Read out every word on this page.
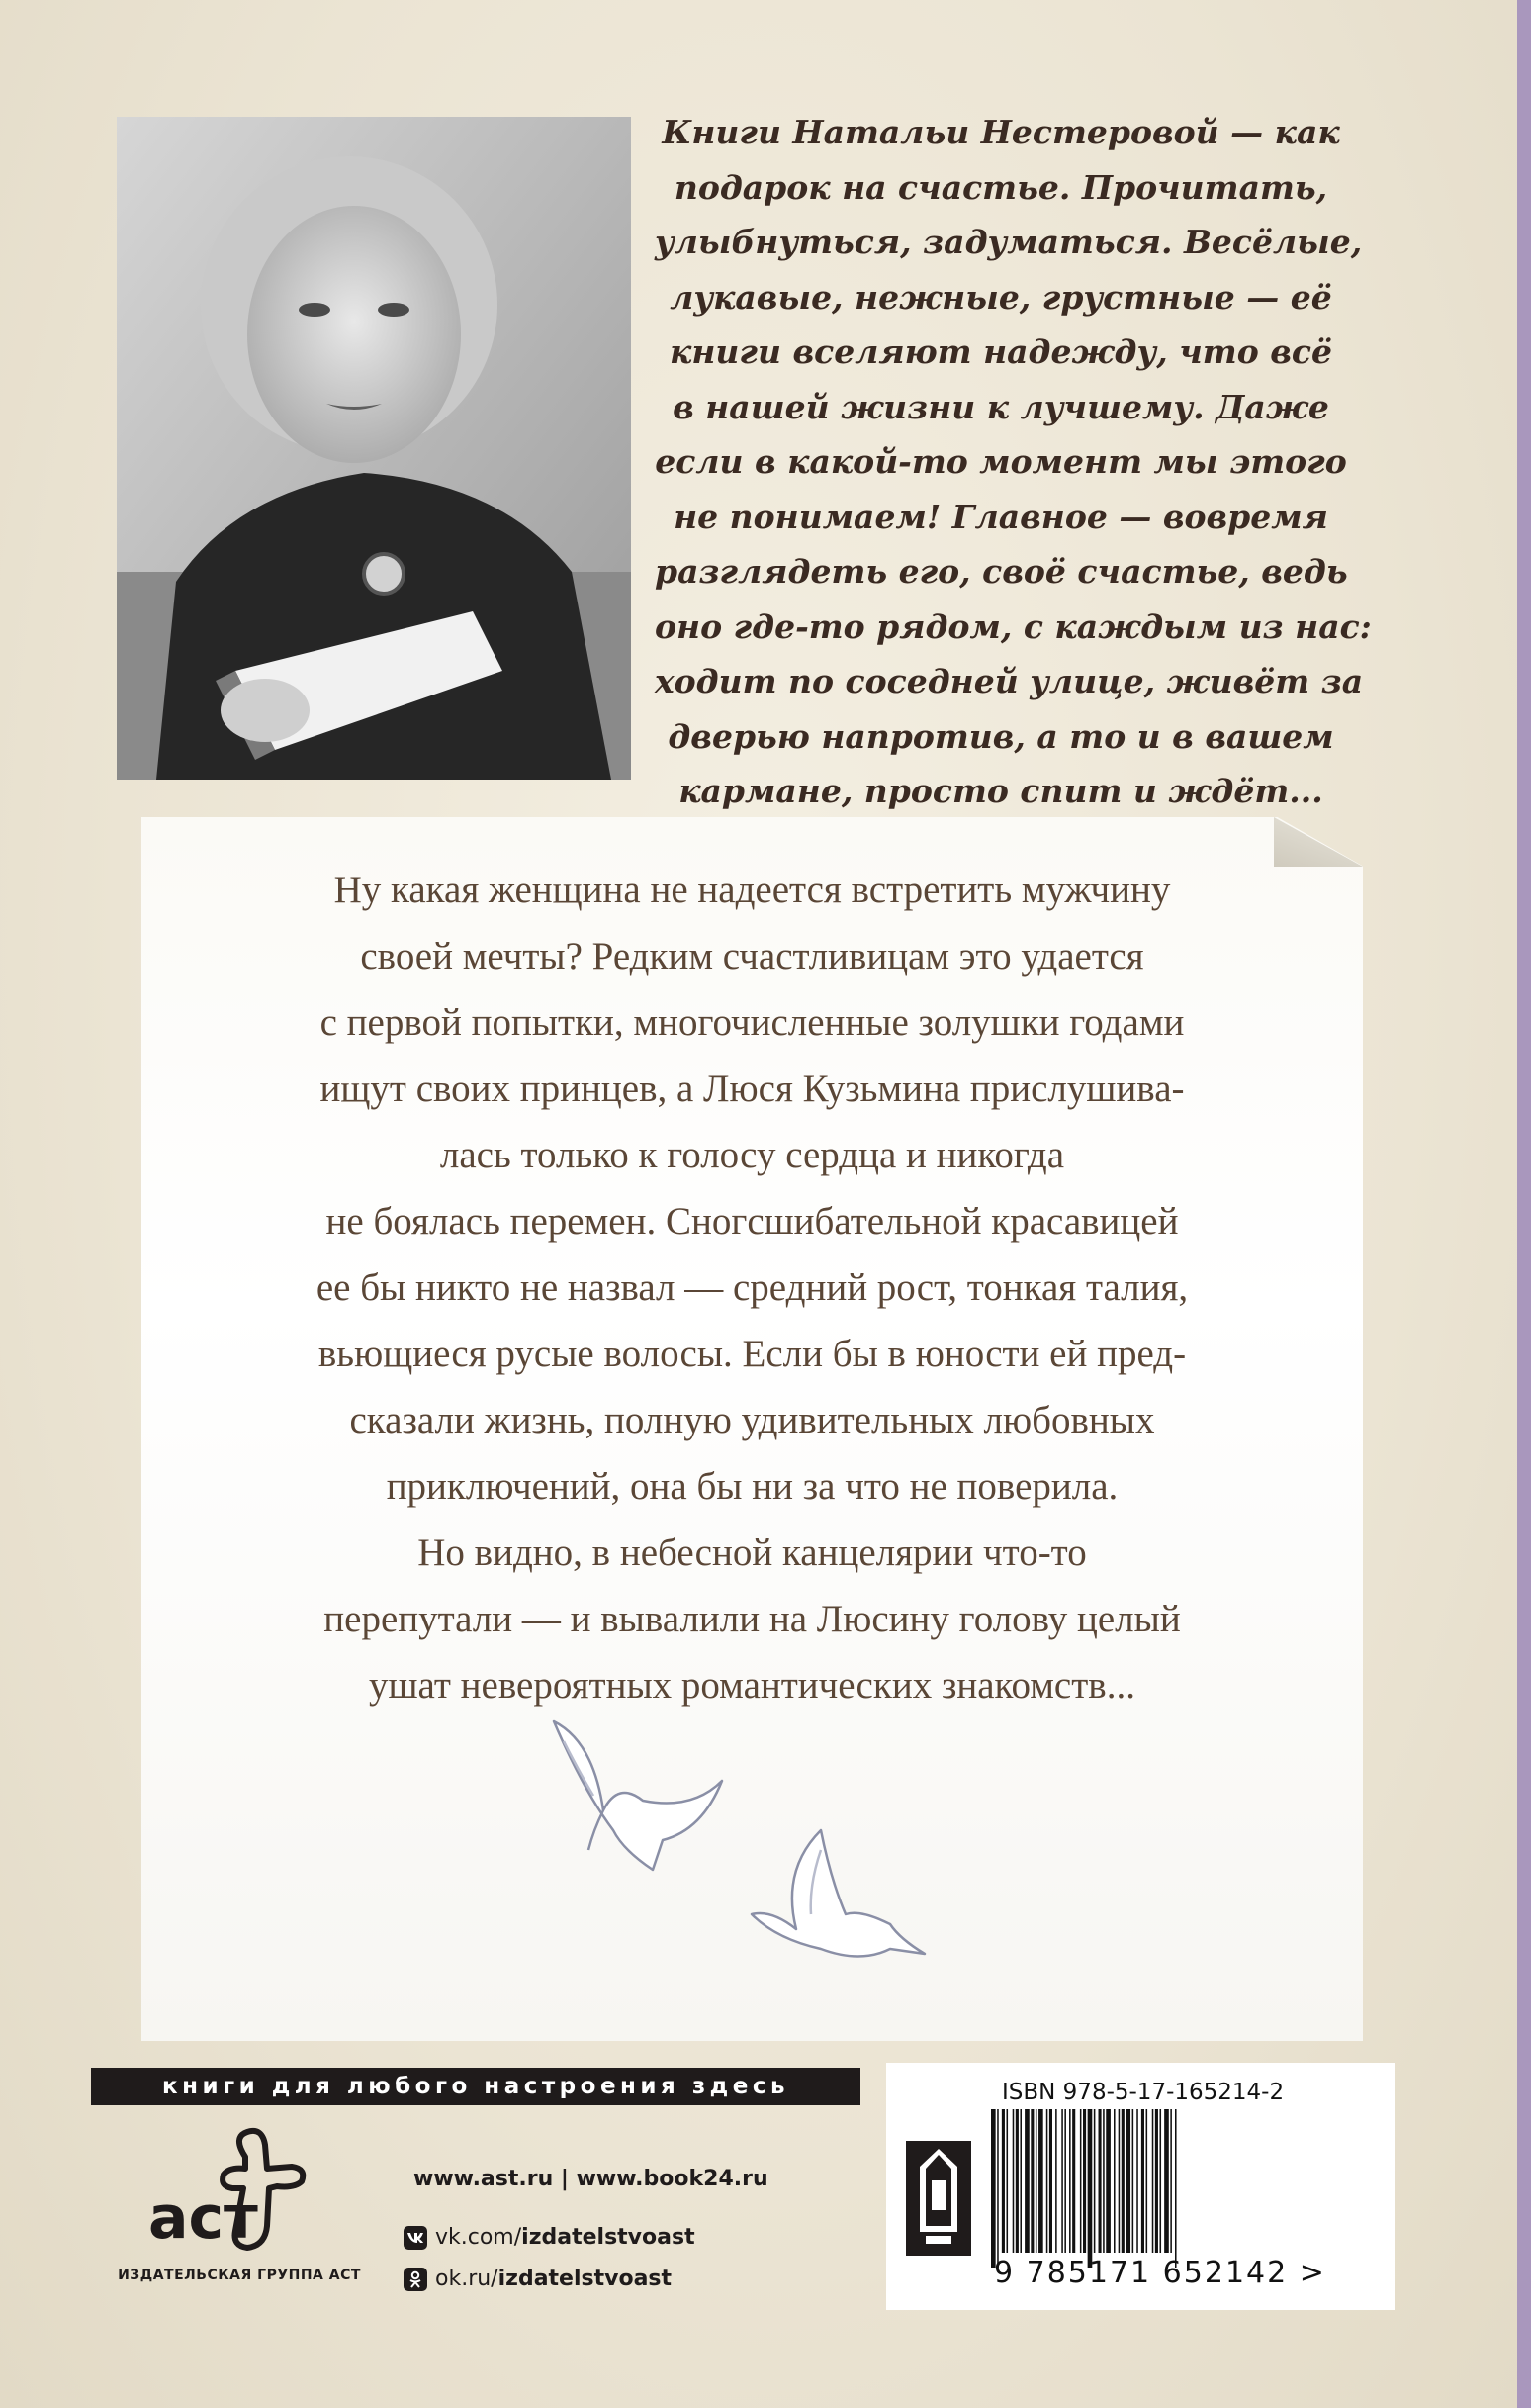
Книги Натальи Нестеровой — как
подарок на счастье. Прочитать,
улыбнуться, задуматься. Весёлые,
лукавые, нежные, грустные — её
книги вселяют надежду, что всё
в нашей жизни к лучшему. Даже
если в какой-то момент мы этого
не понимаем! Главное — вовремя
разглядеть его, своё счастье, ведь
оно где-то рядом, с каждым из нас:
ходит по соседней улице, живёт за
дверью напротив, а то и в вашем
кармане, просто спит и ждёт...

Ну какая женщина не надеется встретить мужчину
своей мечты? Редким счастливицам это удается
с первой попытки, многочисленные золушки годами
ищут своих принцев, а Люся Кузьмина прислушива-
лась только к голосу сердца и никогда
не боялась перемен. Сногсшибательной красавицей
ее бы никто не назвал — средний рост, тонкая талия,
вьющиеся русые волосы. Если бы в юности ей пред-
сказали жизнь, полную удивительных любовных
приключений, она бы ни за что не поверила.
Но видно, в небесной канцелярии что-то
перепутали — и вывалили на Люсину голову целый
ушат невероятных романтических знакомств...

книги для любого настроения здесь
аст
ИЗДАТЕЛЬСКАЯ ГРУППА АСТ
www.ast.ru | www.book24.ru
vk.com/izdatelstvoast
ok.ru/izdatelstvoast
ISBN 978-5-17-165214-2
9 785171 652142 >
